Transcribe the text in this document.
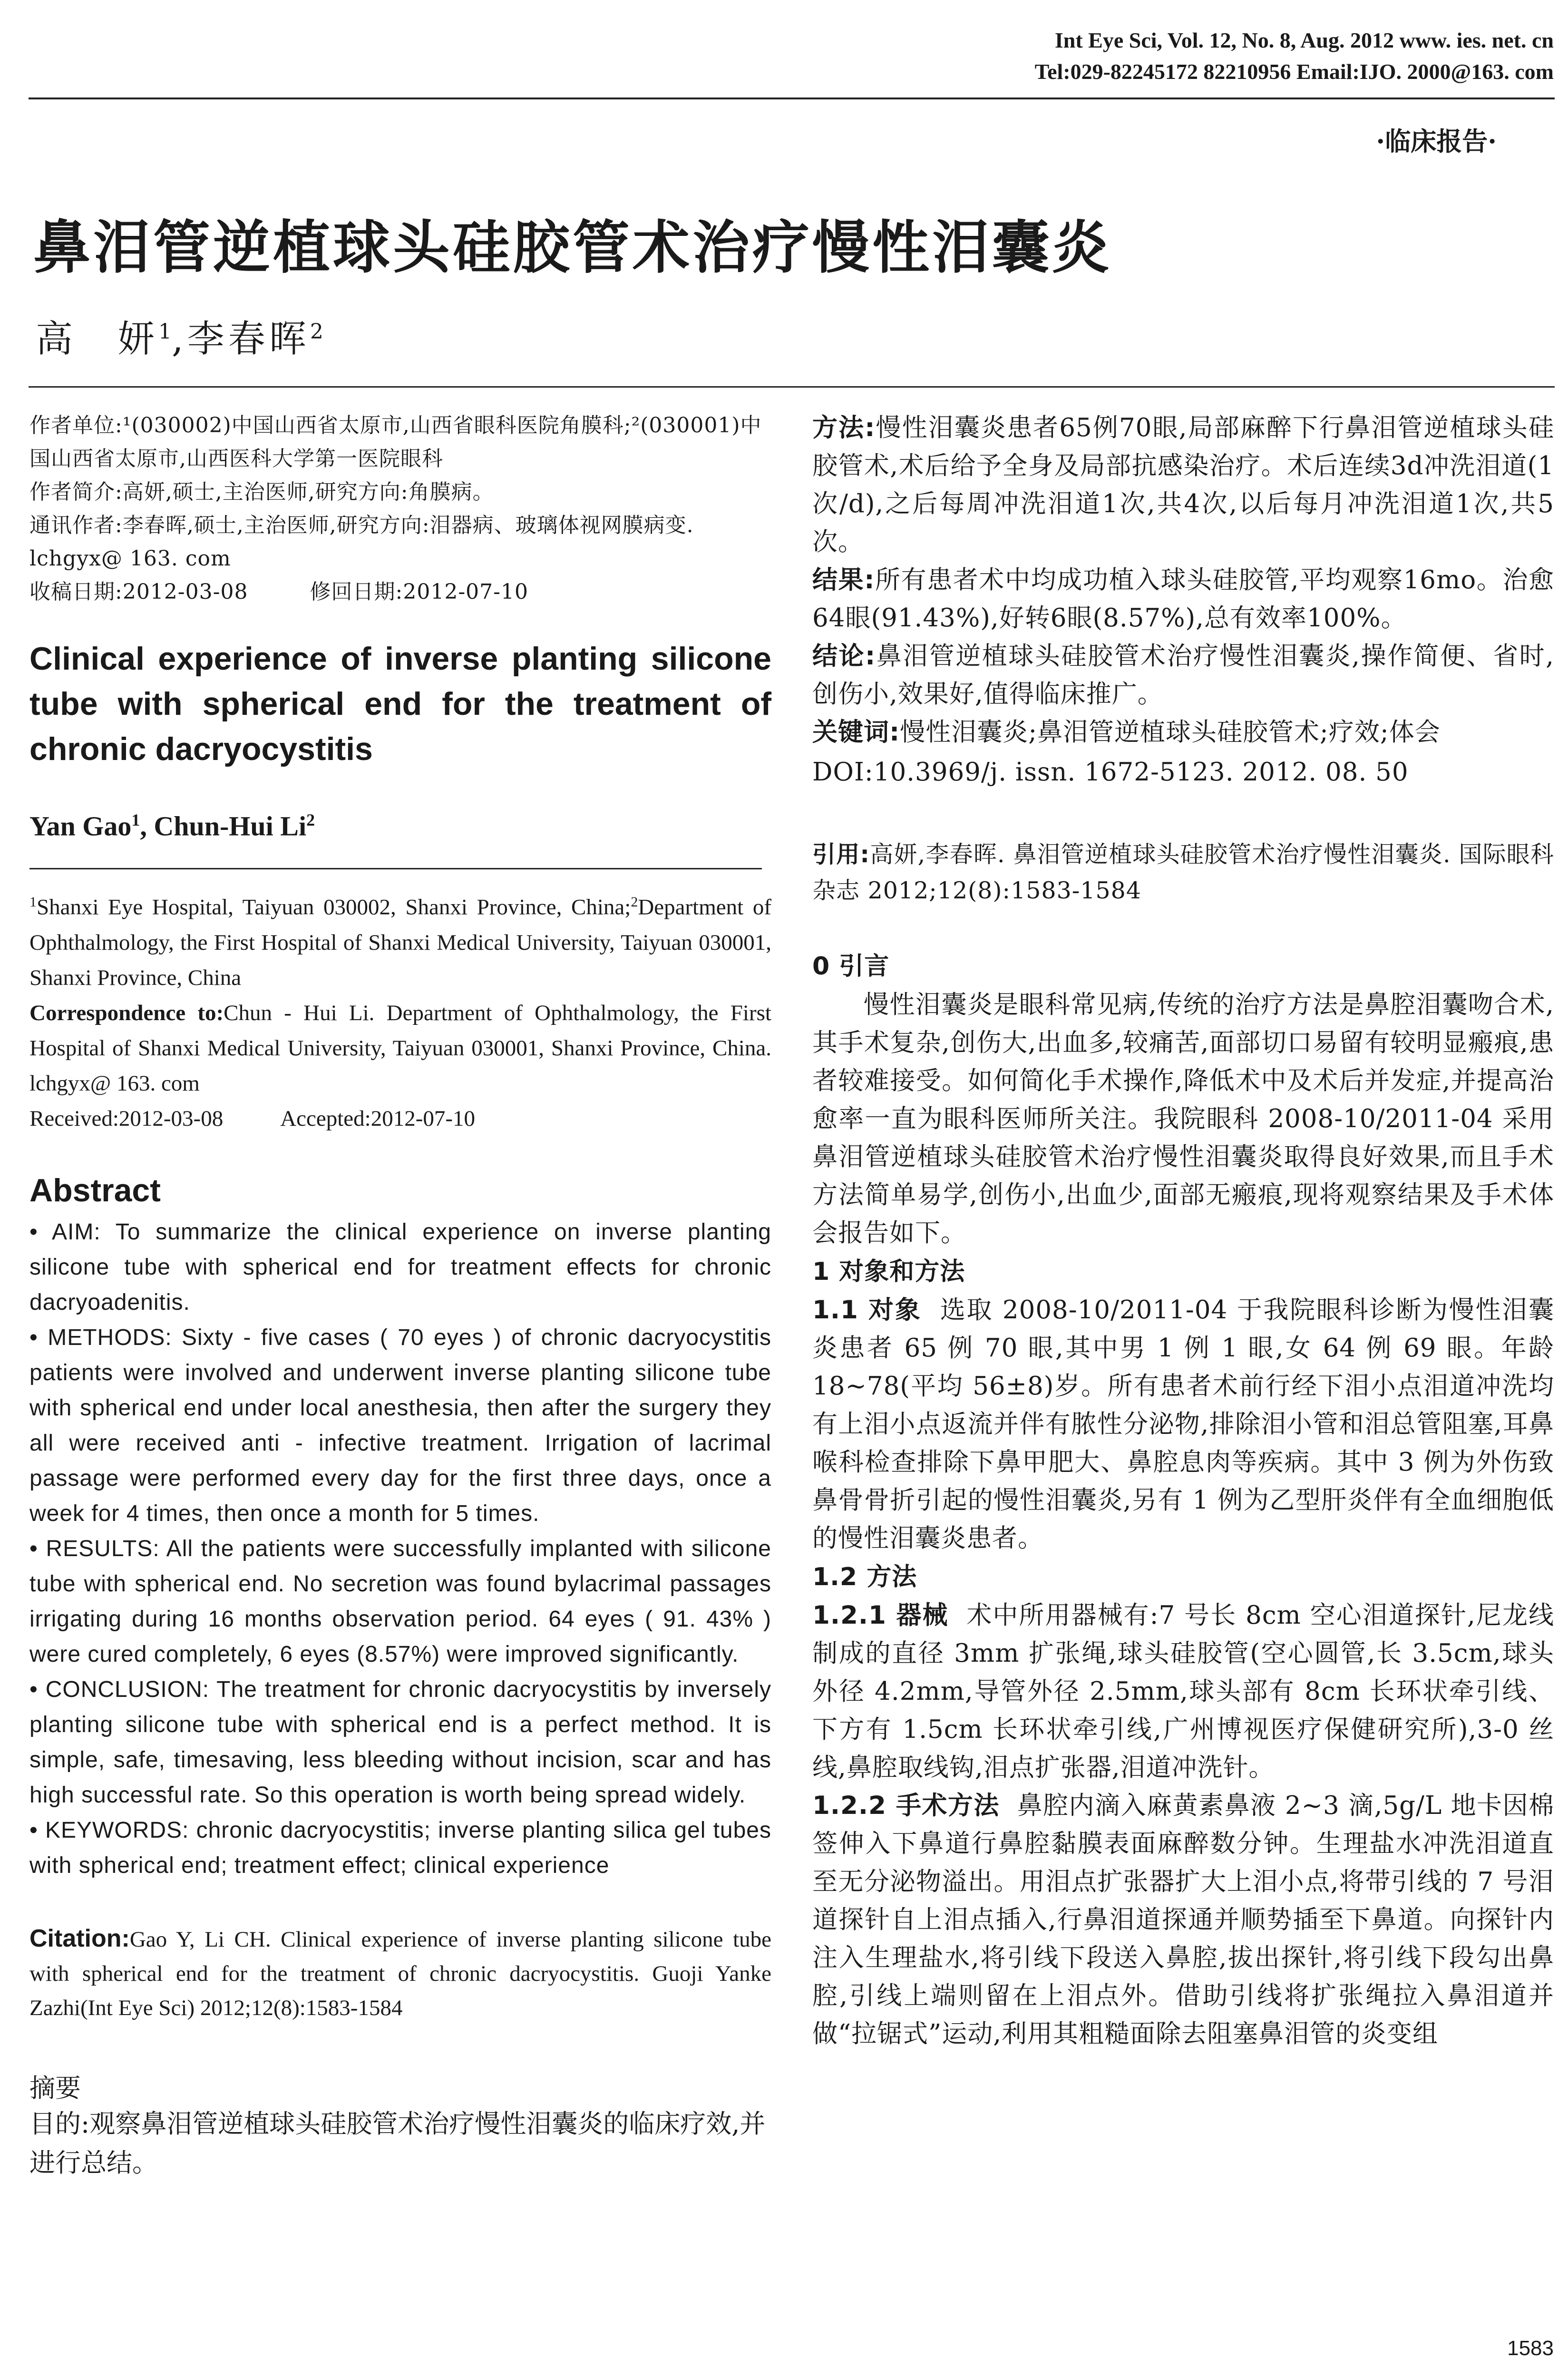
Int Eye Sci, Vol. 12, No. 8, Aug. 2012 www. ies. net. cn
Tel:029-82245172 82210956 Email:IJO. 2000@163. com
·临床报告·
鼻泪管逆植球头硅胶管术治疗慢性泪囊炎
高　妍$^1$,李春晖$^2$

作者单位:¹(030002)中国山西省太原市,山西省眼科医院角膜科;²(030001)中国山西省太原市,山西医科大学第一医院眼科

作者简介:高妍,硕士,主治医师,研究方向:角膜病。

通讯作者:李春晖,硕士,主治医师,研究方向:泪器病、玻璃体视网膜病变. lchgyx@ 163. com

收稿日期:2012-03-08	修回日期:2012-07-10

Clinical experience of inverse planting silicone tube with spherical end for the treatment of chronic dacryocystitis
Yan Gao$^1$, Chun-Hui Li$^2$

$^1$Shanxi Eye Hospital, Taiyuan 030002, Shanxi Province, China;$^2$Department of Ophthalmology, the First Hospital of Shanxi Medical University, Taiyuan 030001, Shanxi Province, China

Correspondence to:Chun - Hui Li. Department of Ophthalmology, the First Hospital of Shanxi Medical University, Taiyuan 030001, Shanxi Province, China. lchgyx@ 163. com

Received:2012-03-08	Accepted:2012-07-10

Abstract

• AIM: To summarize the clinical experience on inverse planting silicone tube with spherical end for treatment effects for chronic dacryoadenitis.

• METHODS: Sixty - five cases ( 70 eyes ) of chronic dacryocystitis patients were involved and underwent inverse planting silicone tube with spherical end under local anesthesia, then after the surgery they all were received anti - infective treatment. Irrigation of lacrimal passage were performed every day for the first three days, once a week for 4 times, then once a month for 5 times.

• RESULTS: All the patients were successfully implanted with silicone tube with spherical end. No secretion was found bylacrimal passages irrigating during 16 months observation period. 64 eyes ( 91. 43% ) were cured completely, 6 eyes (8.57%) were improved significantly.

• CONCLUSION: The treatment for chronic dacryocystitis by inversely planting silicone tube with spherical end is a perfect method. It is simple, safe, timesaving, less bleeding without incision, scar and has high successful rate. So this operation is worth being spread widely.

• KEYWORDS: chronic dacryocystitis; inverse planting silica gel tubes with spherical end; treatment effect; clinical experience

Citation:Gao Y, Li CH. Clinical experience of inverse planting silicone tube with spherical end for the treatment of chronic dacryocystitis. Guoji Yanke Zazhi(Int Eye Sci) 2012;12(8):1583-1584

摘要

目的:观察鼻泪管逆植球头硅胶管术治疗慢性泪囊炎的临床疗效,并进行总结。

方法:慢性泪囊炎患者65例70眼,局部麻醉下行鼻泪管逆植球头硅胶管术,术后给予全身及局部抗感染治疗。术后连续3d冲洗泪道(1次/d),之后每周冲洗泪道1次,共4次,以后每月冲洗泪道1次,共5次。

结果:所有患者术中均成功植入球头硅胶管,平均观察16mo。治愈64眼(91.43%),好转6眼(8.57%),总有效率100%。

结论:鼻泪管逆植球头硅胶管术治疗慢性泪囊炎,操作简便、省时,创伤小,效果好,值得临床推广。

关键词:慢性泪囊炎;鼻泪管逆植球头硅胶管术;疗效;体会

DOI:10.3969/j. issn. 1672-5123. 2012. 08. 50

引用:高妍,李春晖. 鼻泪管逆植球头硅胶管术治疗慢性泪囊炎. 国际眼科杂志 2012;12(8):1583-1584

0 引言

慢性泪囊炎是眼科常见病,传统的治疗方法是鼻腔泪囊吻合术,其手术复杂,创伤大,出血多,较痛苦,面部切口易留有较明显瘢痕,患者较难接受。如何简化手术操作,降低术中及术后并发症,并提高治愈率一直为眼科医师所关注。我院眼科 2008-10/2011-04 采用鼻泪管逆植球头硅胶管术治疗慢性泪囊炎取得良好效果,而且手术方法简单易学,创伤小,出血少,面部无瘢痕,现将观察结果及手术体会报告如下。

1 对象和方法

1.1 对象 选取 2008-10/2011-04 于我院眼科诊断为慢性泪囊炎患者 65 例 70 眼,其中男 1 例 1 眼,女 64 例 69 眼。年龄 18~78(平均 56±8)岁。所有患者术前行经下泪小点泪道冲洗均有上泪小点返流并伴有脓性分泌物,排除泪小管和泪总管阻塞,耳鼻喉科检查排除下鼻甲肥大、鼻腔息肉等疾病。其中 3 例为外伤致鼻骨骨折引起的慢性泪囊炎,另有 1 例为乙型肝炎伴有全血细胞低的慢性泪囊炎患者。

1.2 方法

1.2.1 器械 术中所用器械有:7 号长 8cm 空心泪道探针,尼龙线制成的直径 3mm 扩张绳,球头硅胶管(空心圆管,长 3.5cm,球头外径 4.2mm,导管外径 2.5mm,球头部有 8cm 长环状牵引线、下方有 1.5cm 长环状牵引线,广州博视医疗保健研究所),3-0 丝线,鼻腔取线钩,泪点扩张器,泪道冲洗针。

1.2.2 手术方法 鼻腔内滴入麻黄素鼻液 2~3 滴,5g/L 地卡因棉签伸入下鼻道行鼻腔黏膜表面麻醉数分钟。生理盐水冲洗泪道直至无分泌物溢出。用泪点扩张器扩大上泪小点,将带引线的 7 号泪道探针自上泪点插入,行鼻泪道探通并顺势插至下鼻道。向探针内注入生理盐水,将引线下段送入鼻腔,拔出探针,将引线下段勾出鼻腔,引线上端则留在上泪点外。借助引线将扩张绳拉入鼻泪道并做“拉锯式”运动,利用其粗糙面除去阻塞鼻泪管的炎变组

1583
